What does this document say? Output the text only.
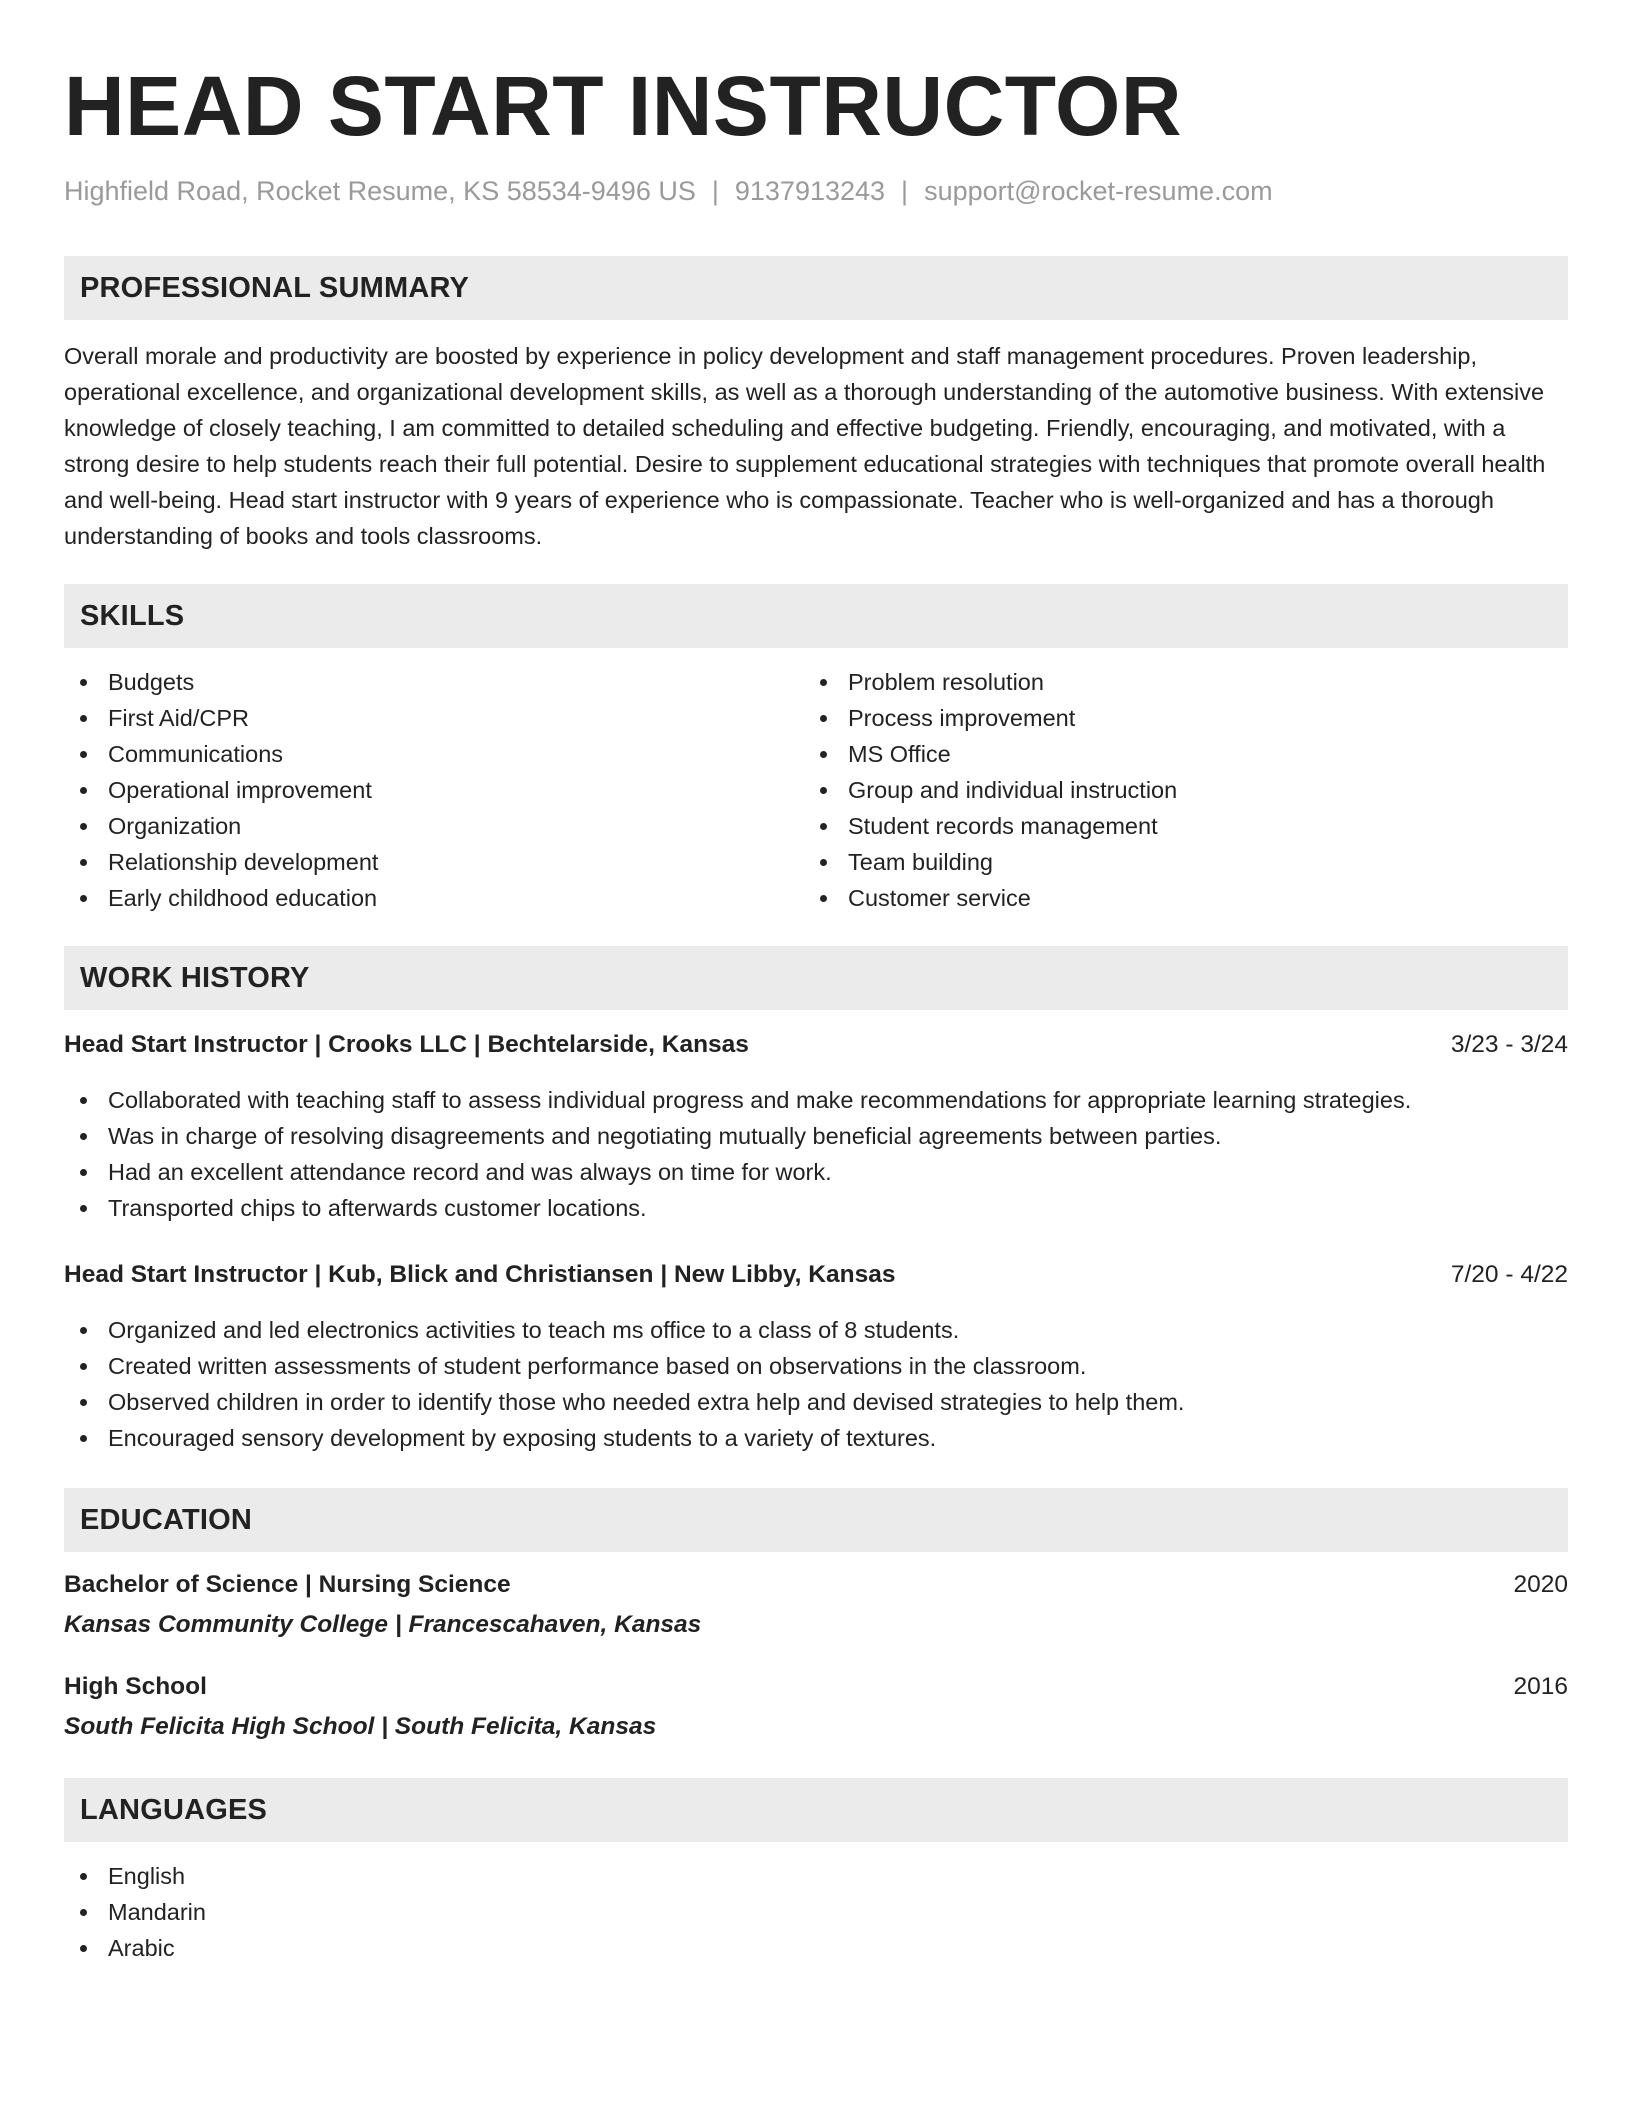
HEAD START INSTRUCTOR
Highfield Road, Rocket Resume, KS 58534-9496 US | 9137913243 | support@rocket-resume.com
PROFESSIONAL SUMMARY

Overall morale and productivity are boosted by experience in policy development and staff management procedures. Proven leadership, operational excellence, and organizational development skills, as well as a thorough understanding of the automotive business. With extensive knowledge of closely teaching, I am committed to detailed scheduling and effective budgeting. Friendly, encouraging, and motivated, with a strong desire to help students reach their full potential. Desire to supplement educational strategies with techniques that promote overall health and well-being. Head start instructor with 9 years of experience who is compassionate. Teacher who is well-organized and has a thorough understanding of books and tools classrooms.

SKILLS
Budgets
First Aid/CPR
Communications
Operational improvement
Organization
Relationship development
Early childhood education
Problem resolution
Process improvement
MS Office
Group and individual instruction
Student records management
Team building
Customer service
WORK HISTORY
Head Start Instructor | Crooks LLC | Bechtelarside, Kansas	3/23 - 3/24
Collaborated with teaching staff to assess individual progress and make recommendations for appropriate learning strategies.
Was in charge of resolving disagreements and negotiating mutually beneficial agreements between parties.
Had an excellent attendance record and was always on time for work.
Transported chips to afterwards customer locations.
Head Start Instructor | Kub, Blick and Christiansen | New Libby, Kansas	7/20 - 4/22
Organized and led electronics activities to teach ms office to a class of 8 students.
Created written assessments of student performance based on observations in the classroom.
Observed children in order to identify those who needed extra help and devised strategies to help them.
Encouraged sensory development by exposing students to a variety of textures.
EDUCATION
Bachelor of Science | Nursing Science	2020
Kansas Community College | Francescahaven, Kansas
High School	2016
South Felicita High School | South Felicita, Kansas
LANGUAGES
English
Mandarin
Arabic
